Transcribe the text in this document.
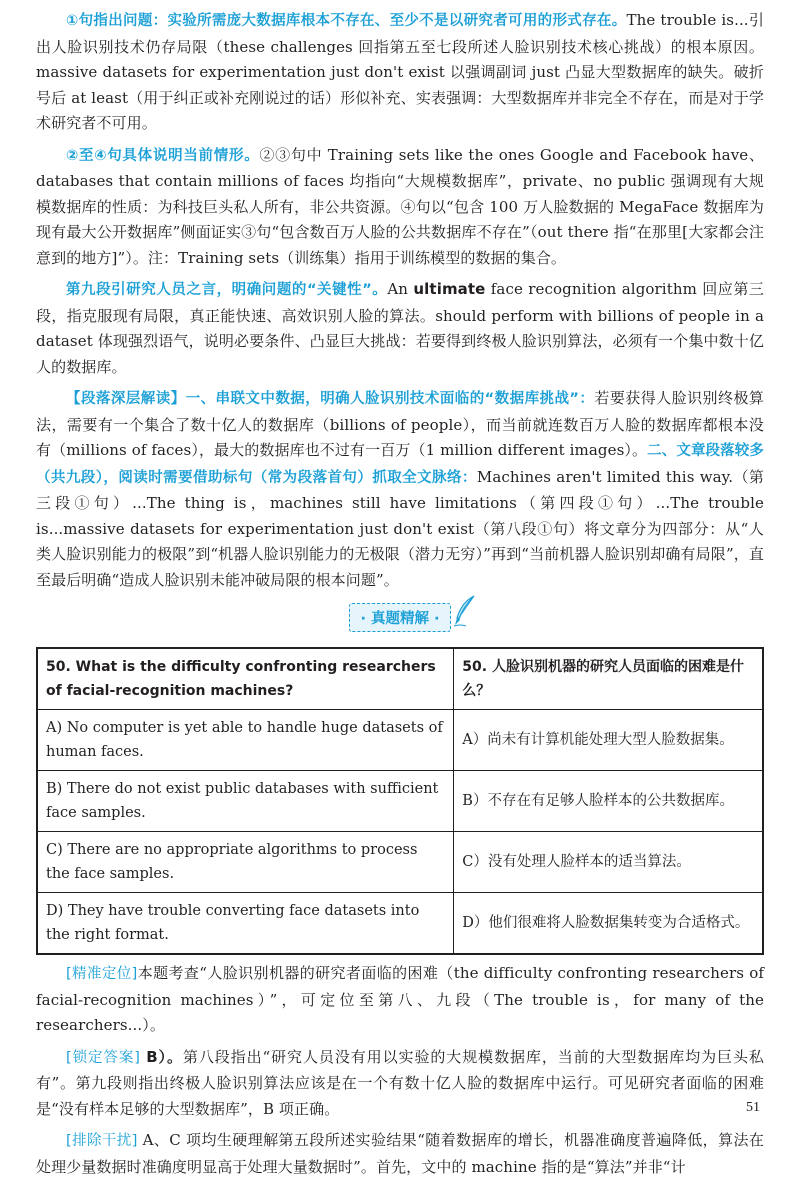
①句指出问题：实验所需庞大数据库根本不存在、至少不是以研究者可用的形式存在。The trouble is...引出人脸识别技术仍存局限（these challenges 回指第五至七段所述人脸识别技术核心挑战）的根本原因。massive datasets for experimentation just don't exist 以强调副词 just 凸显大型数据库的缺失。破折号后 at least（用于纠正或补充刚说过的话）形似补充、实表强调：大型数据库并非完全不存在，而是对于学术研究者不可用。

②至④句具体说明当前情形。②③句中 Training sets like the ones Google and Facebook have、databases that contain millions of faces 均指向“大规模数据库”，private、no public 强调现有大规模数据库的性质：为科技巨头私人所有，非公共资源。④句以“包含 100 万人脸数据的 MegaFace 数据库为现有最大公开数据库”侧面证实③句“包含数百万人脸的公共数据库不存在”（out there 指“在那里[大家都会注意到的地方]”）。注：Training sets（训练集）指用于训练模型的数据的集合。

第九段引研究人员之言，明确问题的“关键性”。An ultimate face recognition algorithm 回应第三段，指克服现有局限，真正能快速、高效识别人脸的算法。should perform with billions of people in a dataset 体现强烈语气，说明必要条件、凸显巨大挑战：若要得到终极人脸识别算法，必须有一个集中数十亿人的数据库。

【段落深层解读】一、串联文中数据，明确人脸识别技术面临的“数据库挑战”：若要获得人脸识别终极算法，需要有一个集合了数十亿人的数据库（billions of people），而当前就连数百万人脸的数据库都根本没有（millions of faces），最大的数据库也不过有一百万（1 million different images）。二、文章段落较多（共九段），阅读时需要借助标句（常为段落首句）抓取全文脉络：Machines aren't limited this way.（第三段①句）...The thing is，machines still have limitations（第四段①句）...The trouble is...massive datasets for experimentation just don't exist（第八段①句）将文章分为四部分：从“人类人脸识别能力的极限”到“机器人脸识别能力的无极限（潜力无穷）”再到“当前机器人脸识别却确有局限”，直至最后明确“造成人脸识别未能冲破局限的根本问题”。

· 真题精解 ·
50. What is the difficulty confronting researchers of facial-recognition machines?	50. 人脸识别机器的研究人员面临的困难是什么？
A) No computer is yet able to handle huge datasets of human faces.	A）尚未有计算机能处理大型人脸数据集。
B) There do not exist public databases with sufficient face samples.	B）不存在有足够人脸样本的公共数据库。
C) There are no appropriate algorithms to process the face samples.	C）没有处理人脸样本的适当算法。
D) They have trouble converting face datasets into the right format.	D）他们很难将人脸数据集转变为合适格式。

[精准定位]本题考查“人脸识别机器的研究者面临的困难（the difficulty confronting researchers of facial-recognition machines）”，可定位至第八、九段（The trouble is，for many of the researchers...）。

[锁定答案] B）。第八段指出“研究人员没有用以实验的大规模数据库，当前的大型数据库均为巨头私有”。第九段则指出终极人脸识别算法应该是在一个有数十亿人脸的数据库中运行。可见研究者面临的困难是“没有样本足够的大型数据库”，B 项正确。

[排除干扰] A、C 项均生硬理解第五段所述实验结果“随着数据库的增长，机器准确度普遍降低，算法在处理少量数据时准确度明显高于处理大量数据时”。首先，文中的 machine 指的是“算法”并非“计

51
